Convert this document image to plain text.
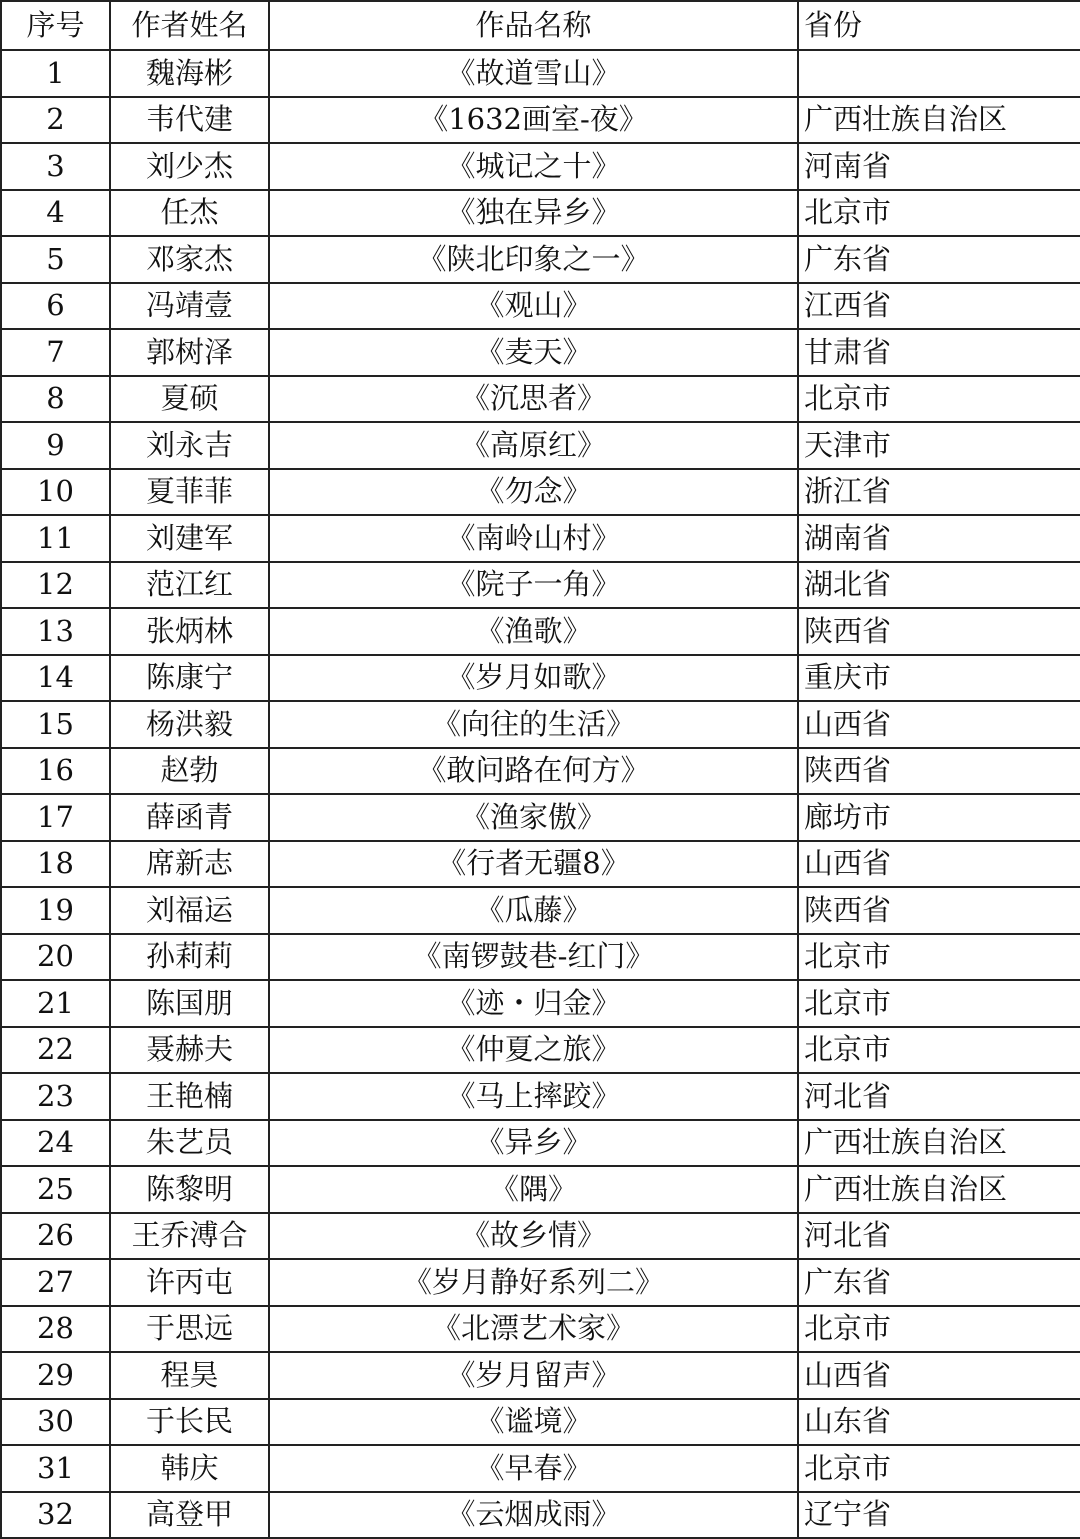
序号	作者姓名	作品名称	省份
1	魏海彬	《故道雪山》	
2	韦代建	《1632画室-夜》	广西壮族自治区
3	刘少杰	《城记之十》	河南省
4	任杰	《独在异乡》	北京市
5	邓家杰	《陕北印象之一》	广东省
6	冯靖壹	《观山》	江西省
7	郭树泽	《麦天》	甘肃省
8	夏硕	《沉思者》	北京市
9	刘永吉	《高原红》	天津市
10	夏菲菲	《勿念》	浙江省
11	刘建军	《南岭山村》	湖南省
12	范江红	《院子一角》	湖北省
13	张炳林	《渔歌》	陕西省
14	陈康宁	《岁月如歌》	重庆市
15	杨洪毅	《向往的生活》	山西省
16	赵勃	《敢问路在何方》	陕西省
17	薛函青	《渔家傲》	廊坊市
18	席新志	《行者无疆8》	山西省
19	刘福运	《瓜藤》	陕西省
20	孙莉莉	《南锣鼓巷-红门》	北京市
21	陈国朋	《迹・归金》	北京市
22	聂赫夫	《仲夏之旅》	北京市
23	王艳楠	《马上摔跤》	河北省
24	朱艺员	《异乡》	广西壮族自治区
25	陈黎明	《隅》	广西壮族自治区
26	王乔溥合	《故乡情》	河北省
27	许丙屯	《岁月静好系列二》	广东省
28	于思远	《北漂艺术家》	北京市
29	程昊	《岁月留声》	山西省
30	于长民	《谧境》	山东省
31	韩庆	《早春》	北京市
32	高登甲	《云烟成雨》	辽宁省
